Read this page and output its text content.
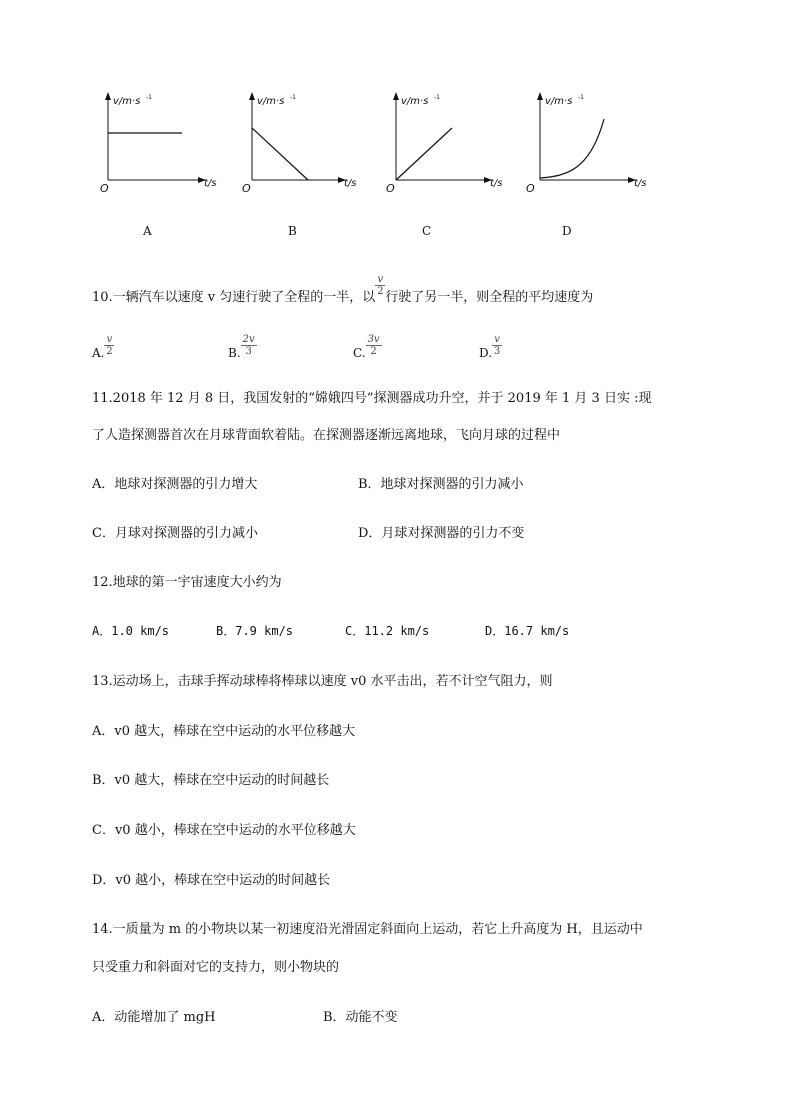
v/m·s -1
t/s
O
v/m·s -1
t/s
O
v/m·s -1
t/s
O
v/m·s -1
t/s
O
A	B	C	D
10.一辆汽车以速度 v 匀速行驶了全程的一半，以
$\frac{v}{2}$
行驶了另一半，则全程的平均速度为
A. $\frac{v}{2}$	B. $\frac{2v}{3}$	C. $\frac{3v}{2}$	D. $\frac{v}{3}$
11.2018 年 12 月 8 日，我国发射的“嫦娥四号”探测器成功升空，并于 2019 年 1 月 3 日实 :现
了人造探测器首次在月球背面软着陆。在探测器逐渐远离地球，飞向月球的过程中
A．地球对探测器的引力增大	B．地球对探测器的引力减小
C．月球对探测器的引力减小	D．月球对探测器的引力不变
12.地球的第一宇宙速度大小约为
A．1.0 km/s	B．7.9 km/s	C．11.2 km/s	D．16.7 km/s
13.运动场上，击球手挥动球棒将棒球以速度 v0 水平击出，若不计空气阻力，则
A．v0 越大，棒球在空中运动的水平位移越大
B．v0 越大，棒球在空中运动的时间越长
C．v0 越小，棒球在空中运动的水平位移越大
D．v0 越小，棒球在空中运动的时间越长
14.一质量为 m 的小物块以某一初速度沿光滑固定斜面向上运动，若它上升高度为 H，且运动中
只受重力和斜面对它的支持力，则小物块的
A．动能增加了 mgH	B．动能不变
